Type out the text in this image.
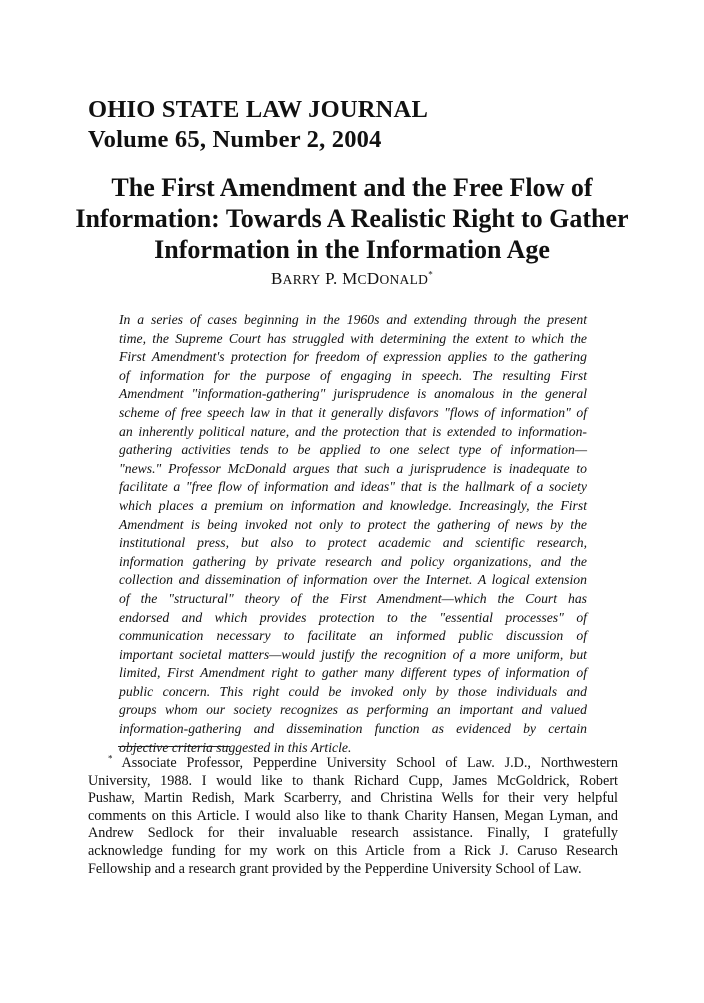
OHIO STATE LAW JOURNAL
Volume 65, Number 2, 2004
The First Amendment and the Free Flow of
Information: Towards A Realistic Right to Gather
Information in the Information Age
BARRY P. MCDONALD*
In a series of cases beginning in the 1960s and extending through the present
time, the Supreme Court has struggled with determining the extent to which the
First Amendment's protection for freedom of expression applies to the gathering
of information for the purpose of engaging in speech. The resulting First
Amendment "information-gathering" jurisprudence is anomalous in the general
scheme of free speech law in that it generally disfavors "flows of information" of
an inherently political nature, and the protection that is extended to information-
gathering activities tends to be applied to one select type of information—
"news." Professor McDonald argues that such a jurisprudence is inadequate to
facilitate a "free flow of information and ideas" that is the hallmark of a society
which places a premium on information and knowledge. Increasingly, the First
Amendment is being invoked not only to protect the gathering of news by the
institutional press, but also to protect academic and scientific research,
information gathering by private research and policy organizations, and the
collection and dissemination of information over the Internet. A logical extension
of the "structural" theory of the First Amendment—which the Court has
endorsed and which provides protection to the "essential processes" of
communication necessary to facilitate an informed public discussion of
important societal matters—would justify the recognition of a more uniform, but
limited, First Amendment right to gather many different types of information of
public concern. This right could be invoked only by those individuals and
groups whom our society recognizes as performing an important and valued
information-gathering and dissemination function as evidenced by certain
objective criteria suggested in this Article.
* Associate Professor, Pepperdine University School of Law. J.D., Northwestern
University, 1988. I would like to thank Richard Cupp, James McGoldrick, Robert
Pushaw, Martin Redish, Mark Scarberry, and Christina Wells for their very helpful
comments on this Article. I would also like to thank Charity Hansen, Megan Lyman, and
Andrew Sedlock for their invaluable research assistance. Finally, I gratefully
acknowledge funding for my work on this Article from a Rick J. Caruso Research
Fellowship and a research grant provided by the Pepperdine University School of Law.
